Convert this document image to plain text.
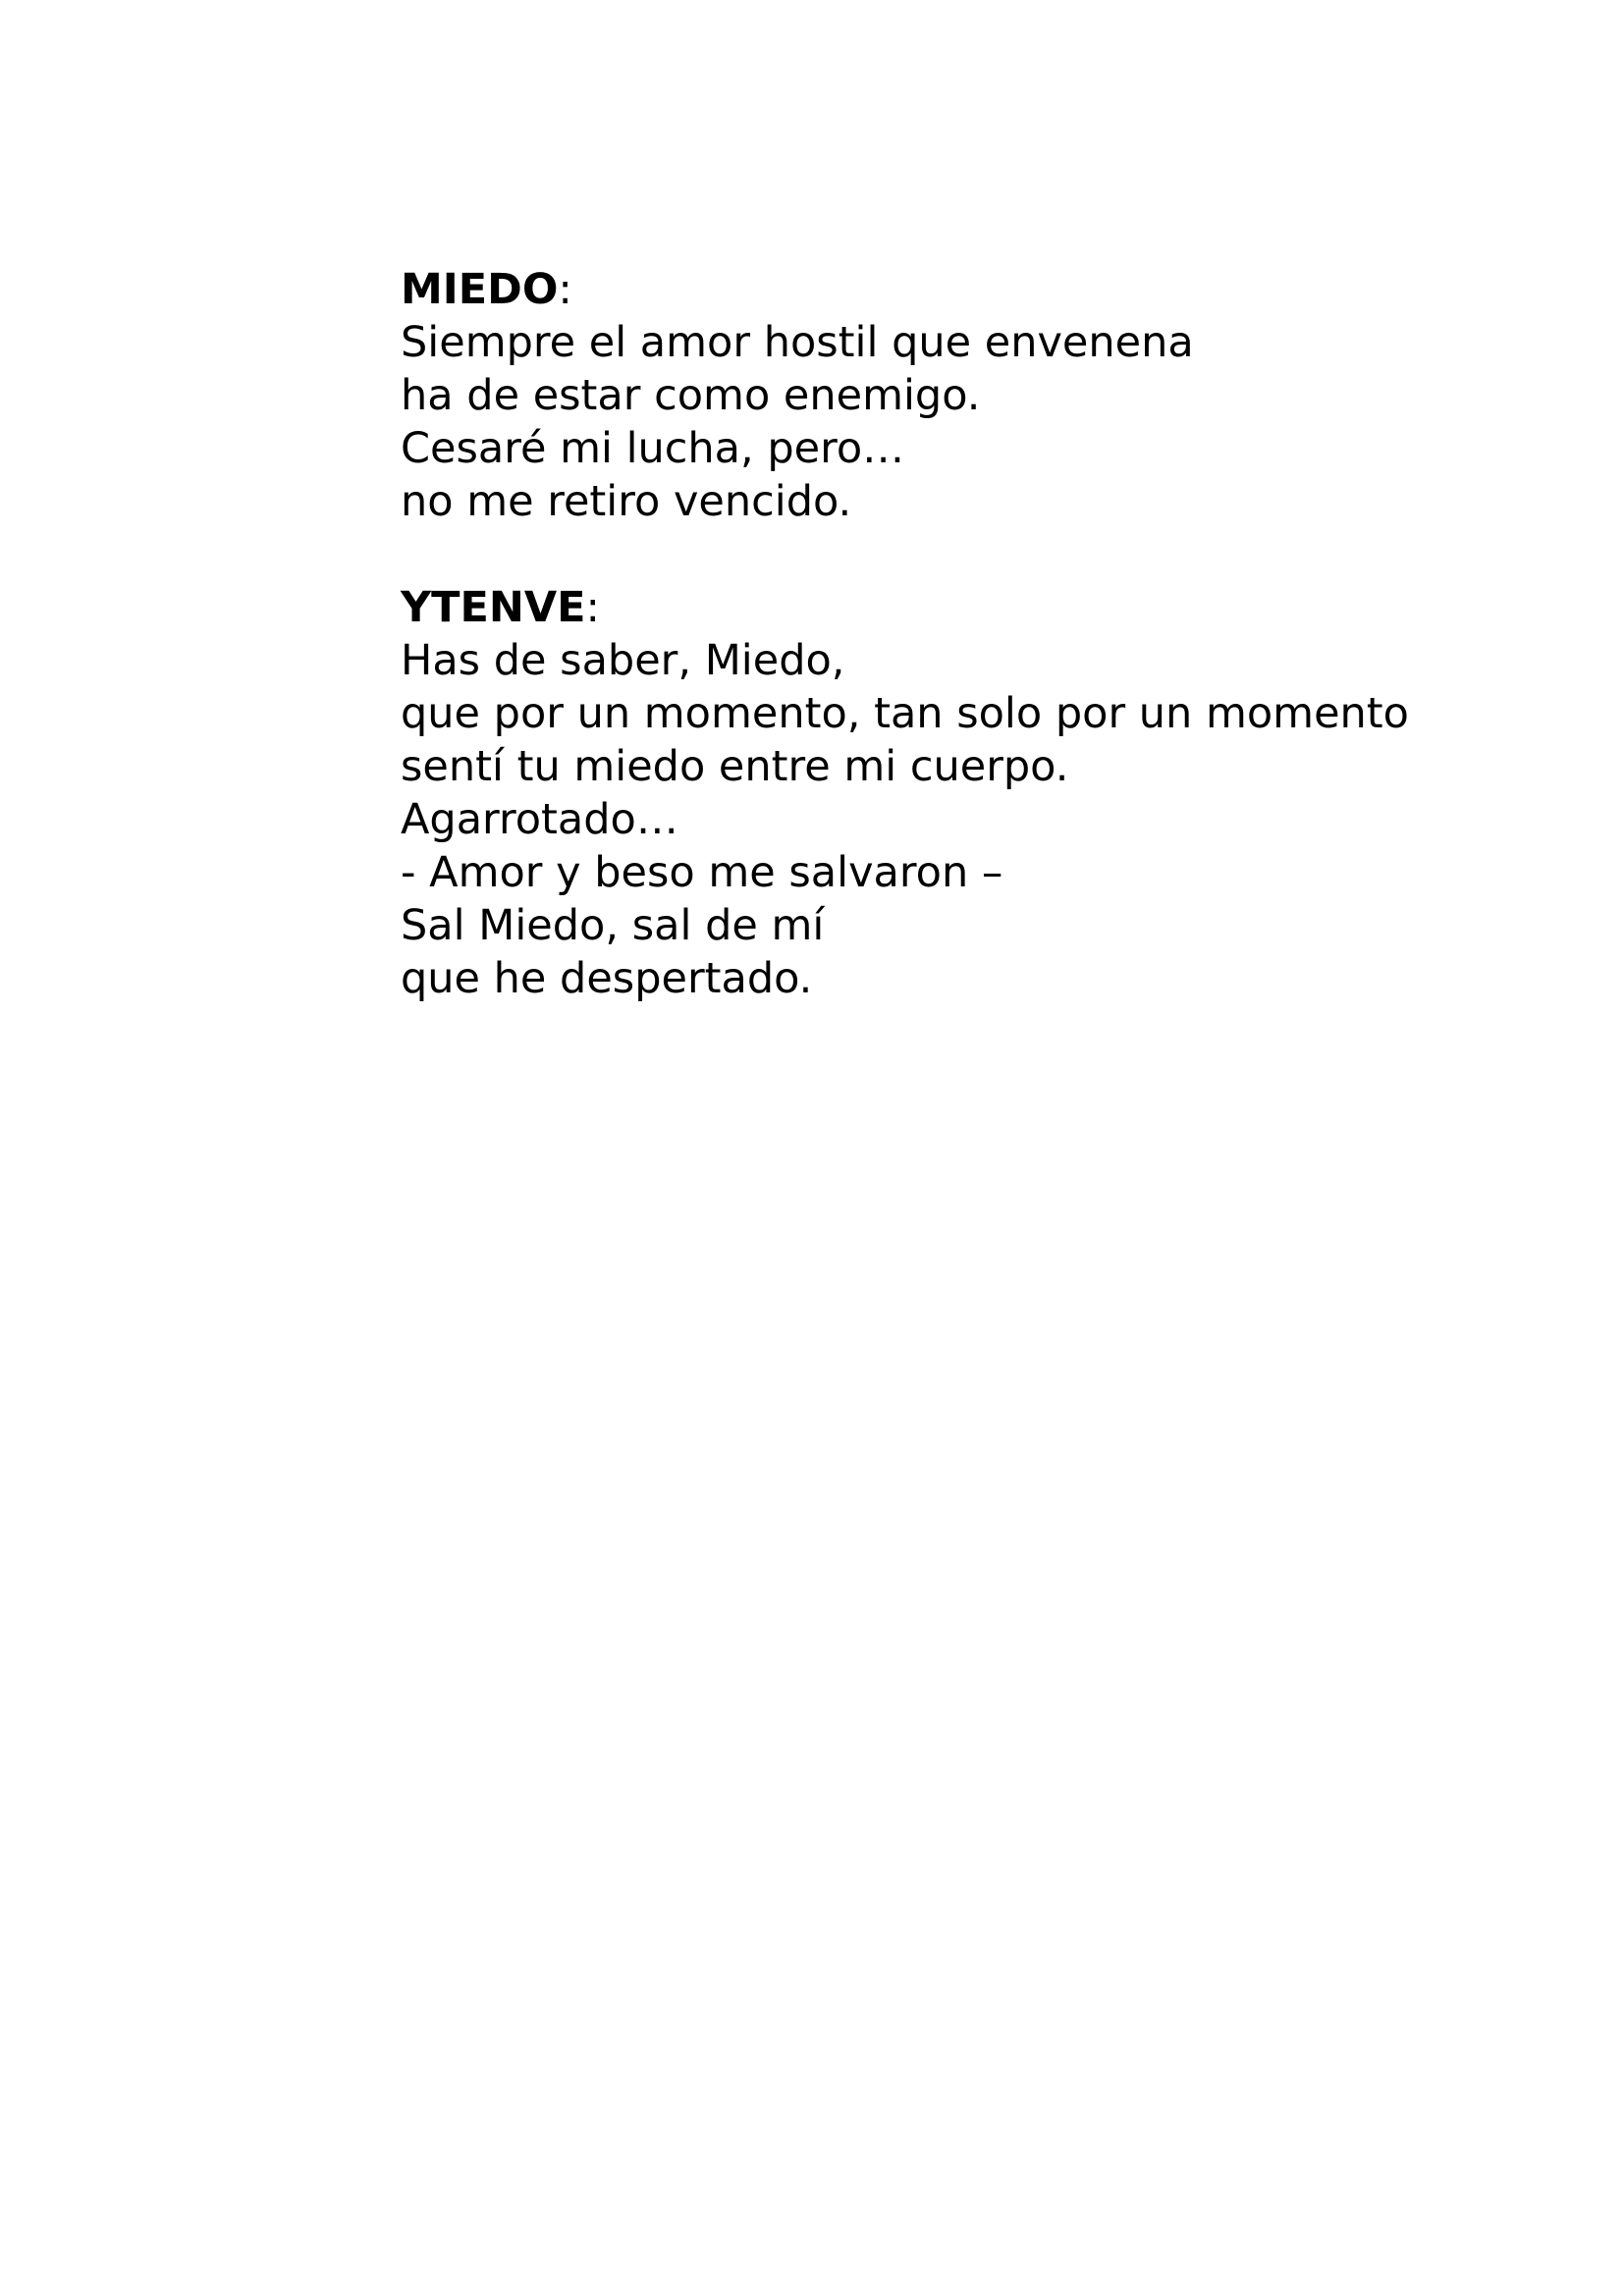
MIEDO:
Siempre el amor hostil que envenena
ha de estar como enemigo.
Cesaré mi lucha, pero…
no me retiro vencido.
YTENVE:
Has de saber, Miedo,
que por un momento, tan solo por un momento
sentí tu miedo entre mi cuerpo.
Agarrotado…
- Amor y beso me salvaron –
Sal Miedo, sal de mí
que he despertado.
